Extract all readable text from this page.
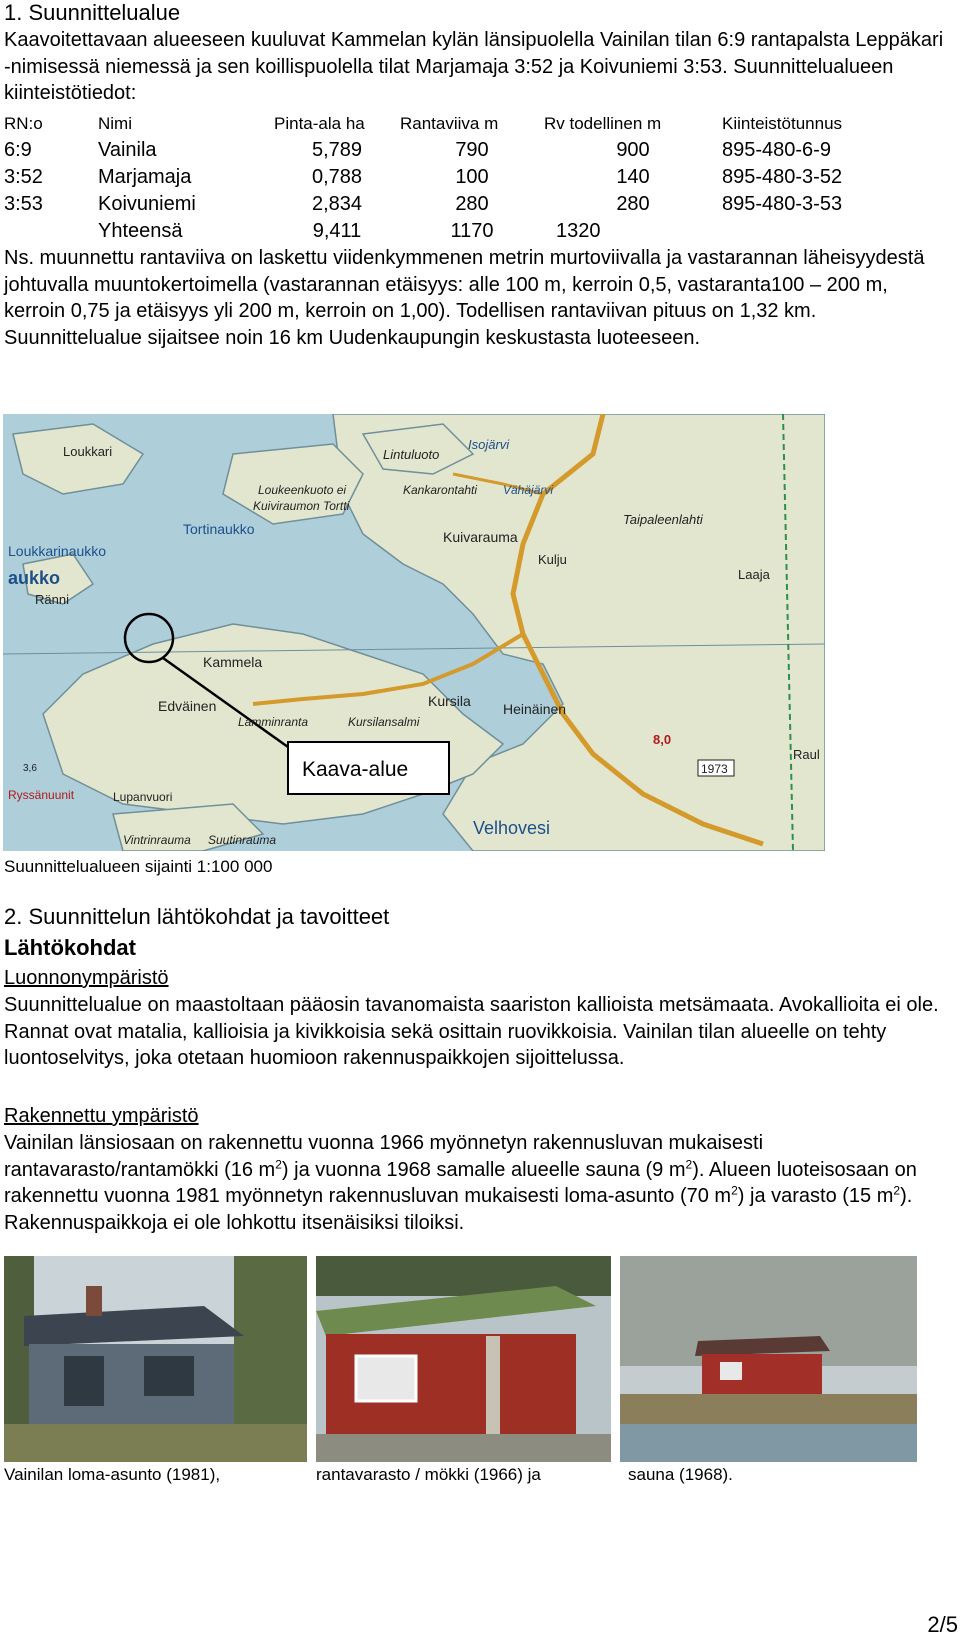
1. Suunnittelualue
Kaavoitettavaan alueeseen kuuluvat Kammelan kylän länsipuolella Vainilan tilan 6:9 rantapalsta Leppäkari -nimisessä niemessä ja sen koillispuolella tilat Marjamaja 3:52 ja Koivuniemi 3:53. Suunnittelualueen kiinteistötiedot:
RN:o	Nimi	Pinta-ala ha	Rantaviiva m	Rv todellinen m	Kiinteistötunnus
6:9	Vainila	5,789	790	900	895-480-6-9
3:52	Marjamaja	0,788	100	140	895-480-3-52
3:53	Koivuniemi	2,834	280	280	895-480-3-53
	Yhteensä	9,411	1170	1320	
Ns. muunnettu rantaviiva on laskettu viidenkymmenen metrin murtoviivalla ja vastarannan läheisyydestä johtuvalla muuntokertoimella (vastarannan etäisyys: alle 100 m, kerroin 0,5, vastaranta100 – 200 m, kerroin 0,75 ja etäisyys yli 200 m, kerroin on 1,00). Todellisen rantaviivan pituus on 1,32 km. Suunnittelualue sijaitsee noin 16 km Uudenkaupungin keskustasta luoteeseen.
Lintuluoto
Isojärvi
Loukkari
Loukeenkuoto ei
Kuiviraumon Tortti
Kankarontahti Vähäjärvi
Loukkarinaukko
aukko
Tortinaukko	Kuivarauma
Taipaleenlahti
Kulju
Ränni
Laaja
Kammela
Kursila
Edväinen
Lamminranta	Kursilansalmi
Heinäinen
Raul
8,0
3,6
Ryssänuunit	Lupanvuori
1973
Vintrinrauma Suutinrauma
Velhovesi
Kaava-alue
Suunnittelualueen sijainti 1:100 000
2. Suunnittelun lähtökohdat ja tavoitteet
Lähtökohdat
Luonnonympäristö
Suunnittelualue on maastoltaan pääosin tavanomaista saariston kallioista metsämaata. Avokallioita ei ole. Rannat ovat matalia, kallioisia ja kivikkoisia sekä osittain ruovikkoisia. Vainilan tilan alueelle on tehty luontoselvitys, joka otetaan huomioon rakennuspaikkojen sijoittelussa.
Rakennettu ympäristö
Vainilan länsiosaan on rakennettu vuonna 1966 myönnetyn rakennusluvan mukaisesti rantavarasto/rantamökki (16 $m^2$) ja vuonna 1968 samalle alueelle sauna (9 $m^2$). Alueen luoteisosaan on rakennettu vuonna 1981 myönnetyn rakennusluvan mukaisesti loma-asunto (70 $m^2$) ja varasto (15 $m^2$). Rakennuspaikkoja ei ole lohkottu itsenäisiksi tiloiksi.
Vainilan loma-asunto (1981),	rantavarasto / mökki (1966) ja	sauna (1968).
2/5
